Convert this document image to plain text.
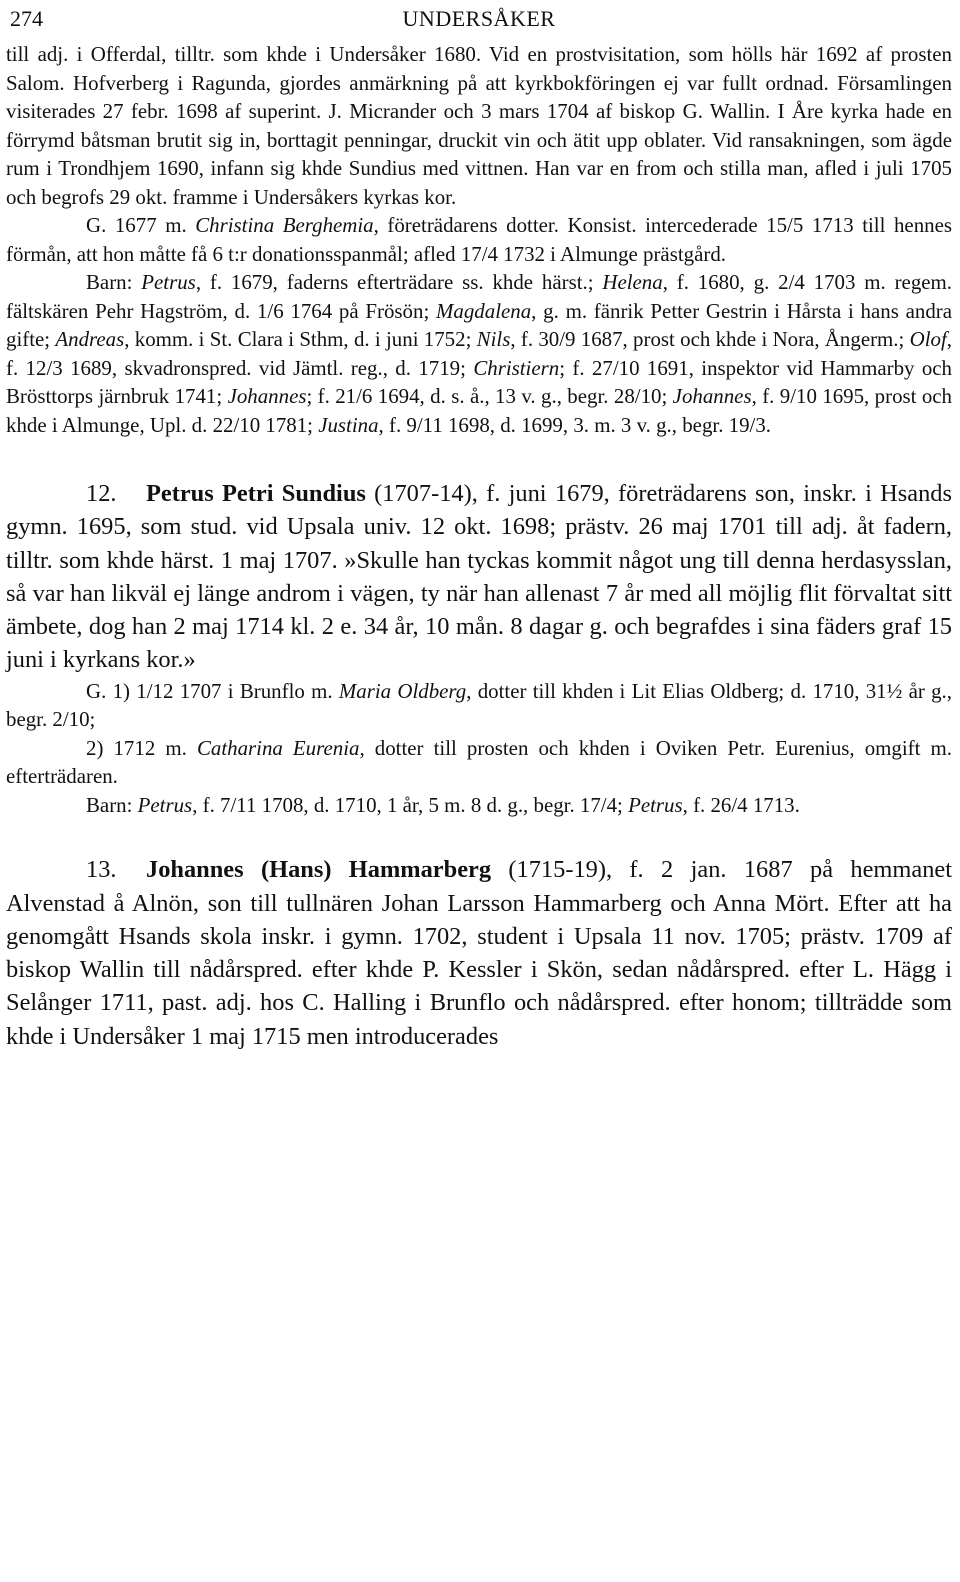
274	UNDERSÅKER

till adj. i Offerdal, tilltr. som khde i Undersåker 1680. Vid en prostvisitation, som hölls här 1692 af prosten Salom. Hofverberg i Ragunda, gjordes anmärkning på att kyrkbokföringen ej var fullt ordnad. Församlingen visiterades 27 febr. 1698 af superint. J. Micrander och 3 mars 1704 af biskop G. Wallin. I Åre kyrka hade en förrymd båtsman brutit sig in, borttagit penningar, druckit vin och ätit upp oblater. Vid ransakningen, som ägde rum i Trondhjem 1690, infann sig khde Sundius med vittnen. Han var en from och stilla man, afled i juli 1705 och begrofs 29 okt. framme i Undersåkers kyrkas kor.

G. 1677 m. Christina Berghemia, företrädarens dotter. Konsist. intercederade 15/5 1713 till hennes förmån, att hon måtte få 6 t:r donationsspanmål; afled 17/4 1732 i Almunge prästgård.

Barn: Petrus, f. 1679, faderns efterträdare ss. khde härst.; Helena, f. 1680, g. 2/4 1703 m. regem. fältskären Pehr Hagström, d. 1/6 1764 på Frösön; Magdalena, g. m. fänrik Petter Gestrin i Hårsta i hans andra gifte; Andreas, komm. i St. Clara i Sthm, d. i juni 1752; Nils, f. 30/9 1687, prost och khde i Nora, Ångerm.; Olof, f. 12/3 1689, skvadronspred. vid Jämtl. reg., d. 1719; Christiern; f. 27/10 1691, inspektor vid Hammarby och Brösttorps järnbruk 1741; Johannes; f. 21/6 1694, d. s. å., 13 v. g., begr. 28/10; Johannes, f. 9/10 1695, prost och khde i Almunge, Upl. d. 22/10 1781; Justina, f. 9/11 1698, d. 1699, 3. m. 3 v. g., begr. 19/3.

12. Petrus Petri Sundius (1707-14), f. juni 1679, företrädarens son, inskr. i Hsands gymn. 1695, som stud. vid Upsala univ. 12 okt. 1698; prästv. 26 maj 1701 till adj. åt fadern, tilltr. som khde härst. 1 maj 1707. »Skulle han tyckas kommit något ung till denna herdasysslan, så var han likväl ej länge androm i vägen, ty när han allenast 7 år med all möjlig flit förvaltat sitt ämbete, dog han 2 maj 1714 kl. 2 e. 34 år, 10 mån. 8 dagar g. och begrafdes i sina fäders graf 15 juni i kyrkans kor.»

G. 1) 1/12 1707 i Brunflo m. Maria Oldberg, dotter till khden i Lit Elias Oldberg; d. 1710, 31½ år g., begr. 2/10;

2) 1712 m. Catharina Eurenia, dotter till prosten och khden i Oviken Petr. Eurenius, omgift m. efterträdaren.

Barn: Petrus, f. 7/11 1708, d. 1710, 1 år, 5 m. 8 d. g., begr. 17/4; Petrus, f. 26/4 1713.

13. Johannes (Hans) Hammarberg (1715-19), f. 2 jan. 1687 på hemmanet Alvenstad å Alnön, son till tullnären Johan Larsson Hammarberg och Anna Mört. Efter att ha genomgått Hsands skola inskr. i gymn. 1702, student i Upsala 11 nov. 1705; prästv. 1709 af biskop Wallin till nådårspred. efter khde P. Kessler i Skön, sedan nådårspred. efter L. Hägg i Selånger 1711, past. adj. hos C. Halling i Brunflo och nådårspred. efter honom; tillträdde som khde i Undersåker 1 maj 1715 men introducerades
